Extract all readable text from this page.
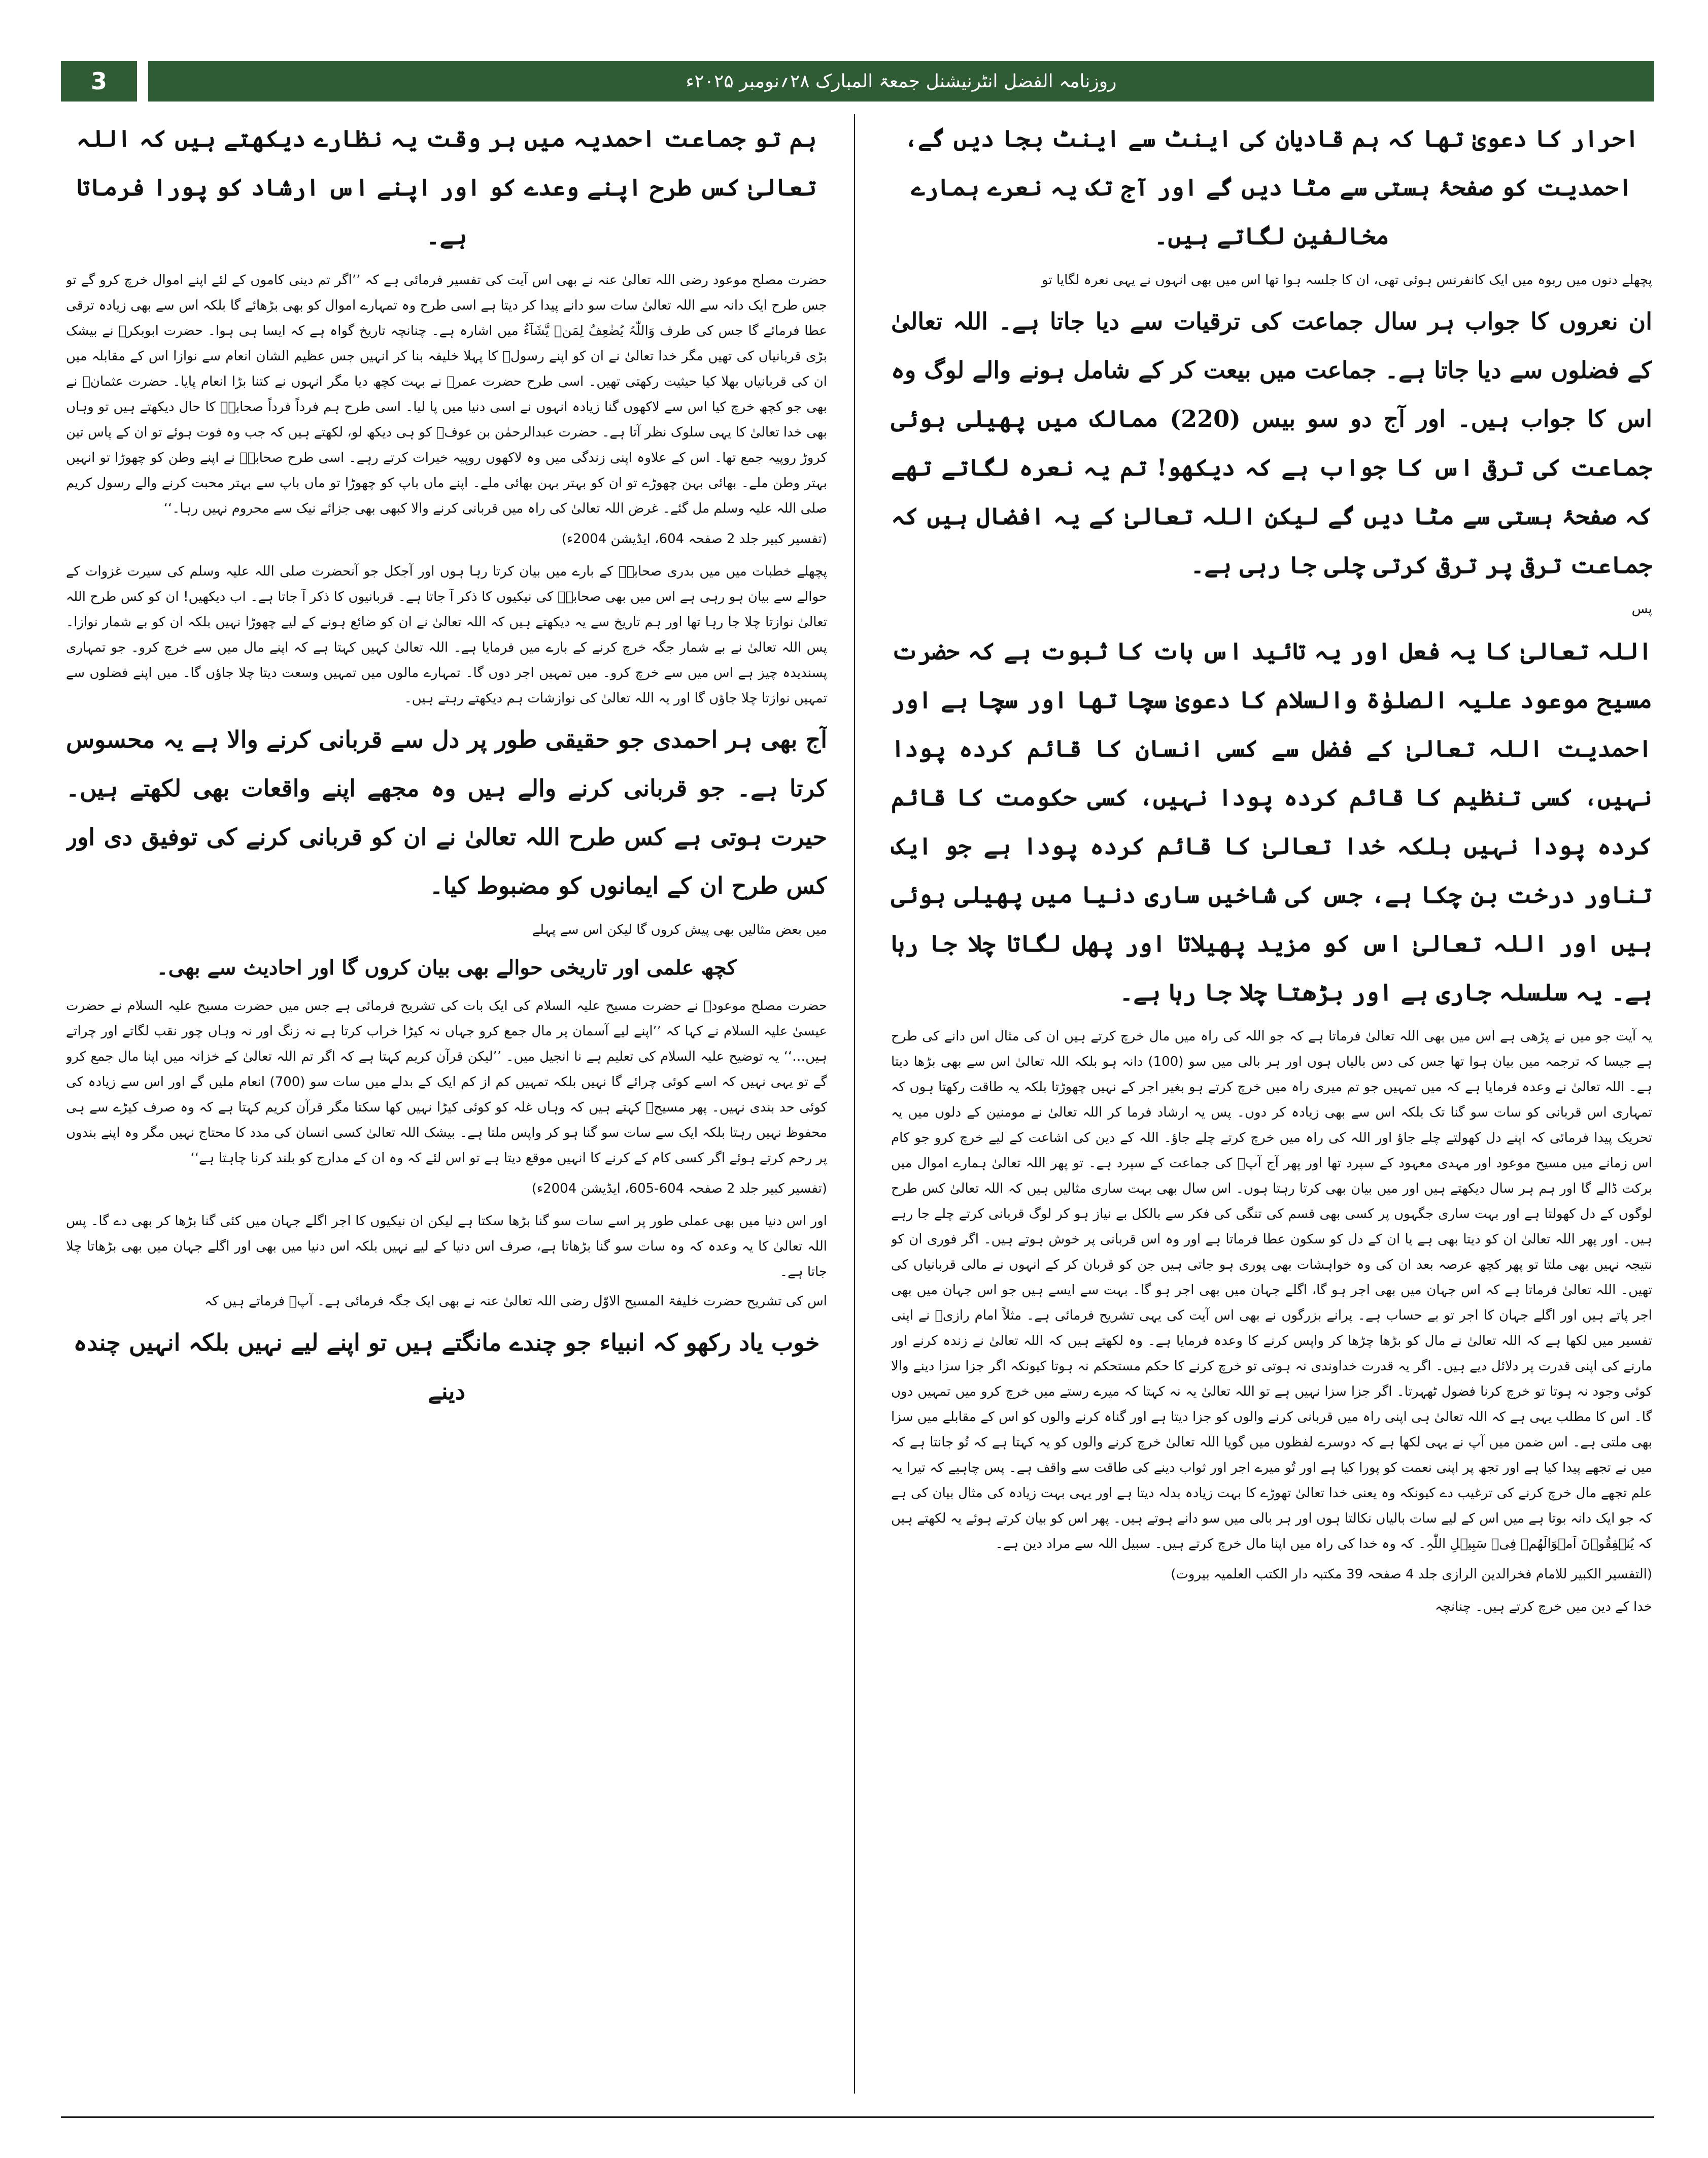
3	روزنامہ الفضل انٹرنیشنل جمعۃ المبارک ۲۸؍نومبر ۲۰۲۵ء

احرار کا دعویٰ تھا کہ ہم قادیان کی اینٹ سے اینٹ بجا دیں گے، احمدیت کو صفحۂ ہستی سے مٹا دیں گے اور آج تک یہ نعرے ہمارے مخالفین لگاتے ہیں۔

پچھلے دنوں میں ربوہ میں ایک کانفرنس ہوئی تھی، ان کا جلسہ ہوا تھا اس میں بھی انہوں نے یہی نعرہ لگایا تو

ان نعروں کا جواب ہر سال جماعت کی ترقیات سے دیا جاتا ہے۔ اللہ تعالیٰ کے فضلوں سے دیا جاتا ہے۔ جماعت میں بیعت کر کے شامل ہونے والے لوگ وہ اس کا جواب ہیں۔ اور آج دو سو بیس (220) ممالک میں پھیلی ہوئی جماعت کی ترقی اس کا جواب ہے کہ دیکھو! تم یہ نعرہ لگاتے تھے کہ صفحۂ ہستی سے مٹا دیں گے لیکن اللہ تعالیٰ کے یہ افضال ہیں کہ جماعت ترقی پر ترقی کرتی چلی جا رہی ہے۔

پس

اللہ تعالیٰ کا یہ فعل اور یہ تائید اس بات کا ثبوت ہے کہ حضرت مسیح موعود علیہ الصلوٰۃ والسلام کا دعویٰ سچا تھا اور سچا ہے اور احمدیت اللہ تعالیٰ کے فضل سے کسی انسان کا قائم کردہ پودا نہیں، کسی تنظیم کا قائم کردہ پودا نہیں، کسی حکومت کا قائم کردہ پودا نہیں بلکہ خدا تعالیٰ کا قائم کردہ پودا ہے جو ایک تناور درخت بن چکا ہے، جس کی شاخیں ساری دنیا میں پھیلی ہوئی ہیں اور اللہ تعالیٰ اس کو مزید پھیلاتا اور پھل لگاتا چلا جا رہا ہے۔ یہ سلسلہ جاری ہے اور بڑھتا چلا جا رہا ہے۔

یہ آیت جو میں نے پڑھی ہے اس میں بھی اللہ تعالیٰ فرماتا ہے کہ جو اللہ کی راہ میں مال خرچ کرتے ہیں ان کی مثال اس دانے کی طرح ہے جیسا کہ ترجمہ میں بیان ہوا تھا جس کی دس بالیاں ہوں اور ہر بالی میں سو (100) دانہ ہو بلکہ اللہ تعالیٰ اس سے بھی بڑھا دیتا ہے۔ اللہ تعالیٰ نے وعدہ فرمایا ہے کہ میں تمہیں جو تم میری راہ میں خرچ کرتے ہو بغیر اجر کے نہیں چھوڑتا بلکہ یہ طاقت رکھتا ہوں کہ تمہاری اس قربانی کو سات سو گنا تک بلکہ اس سے بھی زیادہ کر دوں۔ پس یہ ارشاد فرما کر اللہ تعالیٰ نے مومنین کے دلوں میں یہ تحریک پیدا فرمائی کہ اپنے دل کھولتے چلے جاؤ اور اللہ کی راہ میں خرچ کرتے چلے جاؤ۔ اللہ کے دین کی اشاعت کے لیے خرچ کرو جو کام اس زمانے میں مسیح موعود اور مہدی معہود کے سپرد تھا اور پھر آج آپؑ کی جماعت کے سپرد ہے۔ تو پھر اللہ تعالیٰ ہمارے اموال میں برکت ڈالے گا اور ہم ہر سال دیکھتے ہیں اور میں بیان بھی کرتا رہتا ہوں۔ اس سال بھی بہت ساری مثالیں ہیں کہ اللہ تعالیٰ کس طرح لوگوں کے دل کھولتا ہے اور بہت ساری جگہوں پر کسی بھی قسم کی تنگی کی فکر سے بالکل بے نیاز ہو کر لوگ قربانی کرتے چلے جا رہے ہیں۔ اور پھر اللہ تعالیٰ ان کو دیتا بھی ہے یا ان کے دل کو سکون عطا فرماتا ہے اور وہ اس قربانی پر خوش ہوتے ہیں۔ اگر فوری ان کو نتیجہ نہیں بھی ملتا تو پھر کچھ عرصہ بعد ان کی وہ خواہشات بھی پوری ہو جاتی ہیں جن کو قربان کر کے انہوں نے مالی قربانیاں کی تھیں۔ اللہ تعالیٰ فرماتا ہے کہ اس جہان میں بھی اجر ہو گا، اگلے جہان میں بھی اجر ہو گا۔ بہت سے ایسے ہیں جو اس جہان میں بھی اجر پاتے ہیں اور اگلے جہان کا اجر تو بے حساب ہے۔ پرانے بزرگوں نے بھی اس آیت کی یہی تشریح فرمائی ہے۔ مثلاً امام رازیؒ نے اپنی تفسیر میں لکھا ہے کہ اللہ تعالیٰ نے مال کو بڑھا چڑھا کر واپس کرنے کا وعدہ فرمایا ہے۔ وہ لکھتے ہیں کہ اللہ تعالیٰ نے زندہ کرنے اور مارنے کی اپنی قدرت پر دلائل دیے ہیں۔ اگر یہ قدرت خداوندی نہ ہوتی تو خرچ کرنے کا حکم مستحکم نہ ہوتا کیونکہ اگر جزا سزا دینے والا کوئی وجود نہ ہوتا تو خرچ کرنا فضول ٹھہرتا۔ اگر جزا سزا نہیں ہے تو اللہ تعالیٰ یہ نہ کہتا کہ میرے رستے میں خرچ کرو میں تمہیں دوں گا۔ اس کا مطلب یہی ہے کہ اللہ تعالیٰ ہی اپنی راہ میں قربانی کرنے والوں کو جزا دیتا ہے اور گناہ کرنے والوں کو اس کے مقابلے میں سزا بھی ملتی ہے۔ اس ضمن میں آپ نے یہی لکھا ہے کہ دوسرے لفظوں میں گویا اللہ تعالیٰ خرچ کرنے والوں کو یہ کہتا ہے کہ تُو جانتا ہے کہ میں نے تجھے پیدا کیا ہے اور تجھ پر اپنی نعمت کو پورا کیا ہے اور تُو میرے اجر اور ثواب دینے کی طاقت سے واقف ہے۔ پس چاہیے کہ تیرا یہ علم تجھے مال خرچ کرنے کی ترغیب دے کیونکہ وہ یعنی خدا تعالیٰ تھوڑے کا بہت زیادہ بدلہ دیتا ہے اور یہی بہت زیادہ کی مثال بیان کی ہے کہ جو ایک دانہ بوتا ہے میں اس کے لیے سات بالیاں نکالتا ہوں اور ہر بالی میں سو دانے ہوتے ہیں۔ پھر اس کو بیان کرتے ہوئے یہ لکھتے ہیں کہ یُنۡفِقُوۡنَ اَمۡوَالَهُمۡ فِیۡ سَبِیۡلِ اللّٰہِ۔ کہ وہ خدا کی راہ میں اپنا مال خرچ کرتے ہیں۔ سبیل اللہ سے مراد دین ہے۔

(التفسیر الکبیر للامام فخرالدین الرازی جلد 4 صفحہ 39 مکتبہ دار الکتب العلمیہ بیروت)

خدا کے دین میں خرچ کرتے ہیں۔ چنانچہ

ہم تو جماعت احمدیہ میں ہر وقت یہ نظارے دیکھتے ہیں کہ اللہ تعالیٰ کس طرح اپنے وعدے کو اور اپنے اس ارشاد کو پورا فرماتا ہے۔

حضرت مصلح موعود رضی اللہ تعالیٰ عنہ نے بھی اس آیت کی تفسیر فرمائی ہے کہ ’’اگر تم دینی کاموں کے لئے اپنے اموال خرچ کرو گے تو جس طرح ایک دانہ سے اللہ تعالیٰ سات سو دانے پیدا کر دیتا ہے اسی طرح وہ تمہارے اموال کو بھی بڑھائے گا بلکہ اس سے بھی زیادہ ترقی عطا فرمائے گا جس کی طرف وَاللّٰہُ یُضٰعِفُ لِمَنۡ یَّشَآءُ میں اشارہ ہے۔ چنانچہ تاریخ گواہ ہے کہ ایسا ہی ہوا۔ حضرت ابوبکرؓ نے بیشک بڑی قربانیاں کی تھیں مگر خدا تعالیٰ نے ان کو اپنے رسولؐ کا پہلا خلیفہ بنا کر انہیں جس عظیم الشان انعام سے نوازا اس کے مقابلہ میں ان کی قربانیاں بھلا کیا حیثیت رکھتی تھیں۔ اسی طرح حضرت عمرؓ نے بہت کچھ دیا مگر انہوں نے کتنا بڑا انعام پایا۔ حضرت عثمانؓ نے بھی جو کچھ خرچ کیا اس سے لاکھوں گنا زیادہ انہوں نے اسی دنیا میں پا لیا۔ اسی طرح ہم فرداً فرداً صحابہؓ کا حال دیکھتے ہیں تو وہاں بھی خدا تعالیٰ کا یہی سلوک نظر آتا ہے۔ حضرت عبدالرحمٰن بن عوفؓ کو ہی دیکھ لو، لکھتے ہیں کہ جب وہ فوت ہوئے تو ان کے پاس تین کروڑ روپیہ جمع تھا۔ اس کے علاوہ اپنی زندگی میں وہ لاکھوں روپیہ خیرات کرتے رہے۔ اسی طرح صحابہؓ نے اپنے وطن کو چھوڑا تو انہیں بہتر وطن ملے۔ بھائی بہن چھوڑے تو ان کو بہتر بہن بھائی ملے۔ اپنے ماں باپ کو چھوڑا تو ماں باپ سے بہتر محبت کرنے والے رسول کریم صلی اللہ علیہ وسلم مل گئے۔ غرض اللہ تعالیٰ کی راہ میں قربانی کرنے والا کبھی بھی جزائے نیک سے محروم نہیں رہا۔‘‘

(تفسیر کبیر جلد 2 صفحہ 604، ایڈیشن 2004ء)

پچھلے خطبات میں میں بدری صحابہؓ کے بارے میں بیان کرتا رہا ہوں اور آجکل جو آنحضرت صلی اللہ علیہ وسلم کی سیرت غزوات کے حوالے سے بیان ہو رہی ہے اس میں بھی صحابہؓ کی نیکیوں کا ذکر آ جاتا ہے۔ قربانیوں کا ذکر آ جاتا ہے۔ اب دیکھیں! ان کو کس طرح اللہ تعالیٰ نوازتا چلا جا رہا تھا اور ہم تاریخ سے یہ دیکھتے ہیں کہ اللہ تعالیٰ نے ان کو ضائع ہونے کے لیے چھوڑا نہیں بلکہ ان کو بے شمار نوازا۔ پس اللہ تعالیٰ نے بے شمار جگہ خرچ کرنے کے بارے میں فرمایا ہے۔ اللہ تعالیٰ کہیں کہتا ہے کہ اپنے مال میں سے خرچ کرو۔ جو تمہاری پسندیدہ چیز ہے اس میں سے خرچ کرو۔ میں تمہیں اجر دوں گا۔ تمہارے مالوں میں تمہیں وسعت دیتا چلا جاؤں گا۔ میں اپنے فضلوں سے تمہیں نوازتا چلا جاؤں گا اور یہ اللہ تعالیٰ کی نوازشات ہم دیکھتے رہتے ہیں۔

آج بھی ہر احمدی جو حقیقی طور پر دل سے قربانی کرنے والا ہے یہ محسوس کرتا ہے۔ جو قربانی کرنے والے ہیں وہ مجھے اپنے واقعات بھی لکھتے ہیں۔ حیرت ہوتی ہے کس طرح اللہ تعالیٰ نے ان کو قربانی کرنے کی توفیق دی اور کس طرح ان کے ایمانوں کو مضبوط کیا۔

میں بعض مثالیں بھی پیش کروں گا لیکن اس سے پہلے

کچھ علمی اور تاریخی حوالے بھی بیان کروں گا اور احادیث سے بھی۔

حضرت مصلح موعودؓ نے حضرت مسیح علیہ السلام کی ایک بات کی تشریح فرمائی ہے جس میں حضرت مسیح علیہ السلام نے حضرت عیسیٰ علیہ السلام نے کہا کہ ’’اپنے لیے آسمان پر مال جمع کرو جہاں نہ کیڑا خراب کرتا ہے نہ زنگ اور نہ وہاں چور نقب لگاتے اور چراتے ہیں…‘‘ یہ توضیح علیہ السلام کی تعلیم ہے نا انجیل میں۔ ’’لیکن قرآن کریم کہتا ہے کہ اگر تم اللہ تعالیٰ کے خزانہ میں اپنا مال جمع کرو گے تو یہی نہیں کہ اسے کوئی چرائے گا نہیں بلکہ تمہیں کم از کم ایک کے بدلے میں سات سو (700) انعام ملیں گے اور اس سے زیادہ کی کوئی حد بندی نہیں۔ پھر مسیحؑ کہتے ہیں کہ وہاں غلہ کو کوئی کیڑا نہیں کھا سکتا مگر قرآن کریم کہتا ہے کہ وہ صرف کیڑے سے ہی محفوظ نہیں رہتا بلکہ ایک سے سات سو گنا ہو کر واپس ملتا ہے۔ بیشک اللہ تعالیٰ کسی انسان کی مدد کا محتاج نہیں مگر وہ اپنے بندوں پر رحم کرتے ہوئے اگر کسی کام کے کرنے کا انہیں موقع دیتا ہے تو اس لئے کہ وہ ان کے مدارج کو بلند کرنا چاہتا ہے‘‘

(تفسیر کبیر جلد 2 صفحہ 604-605، ایڈیشن 2004ء)

اور اس دنیا میں بھی عملی طور پر اسے سات سو گنا بڑھا سکتا ہے لیکن ان نیکیوں کا اجر اگلے جہان میں کئی گنا بڑھا کر بھی دے گا۔ پس اللہ تعالیٰ کا یہ وعدہ کہ وہ سات سو گنا بڑھاتا ہے، صرف اس دنیا کے لیے نہیں بلکہ اس دنیا میں بھی اور اگلے جہان میں بھی بڑھاتا چلا جاتا ہے۔

اس کی تشریح حضرت خلیفۃ المسیح الاوّل رضی اللہ تعالیٰ عنہ نے بھی ایک جگہ فرمائی ہے۔ آپؓ فرماتے ہیں کہ

خوب یاد رکھو کہ انبیاء جو چندے مانگتے ہیں تو اپنے لیے نہیں بلکہ انہیں چندہ دینے
